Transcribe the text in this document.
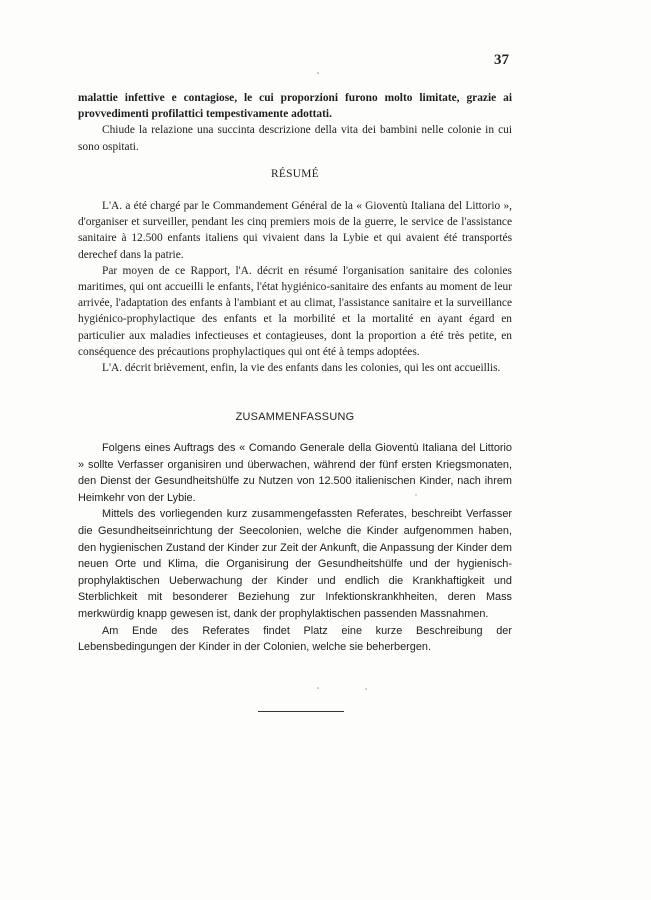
37

malattie infettive e contagiose, le cui proporzioni furono molto limitate, grazie ai

provvedimenti profilattici tempestivamente adottati.

Chiude la relazione una succinta descrizione della vita dei bambini nelle colonie in cui sono ospitati.

RÉSUMÉ

L'A. a été chargé par le Commandement Général de la « Gioventù Italiana del Littorio », d'organiser et surveiller, pendant les cinq premiers mois de la guerre, le service de l'assistance sanitaire à 12.500 enfants italiens qui vivaient dans la Lybie et qui avaient été transportés derechef dans la patrie.

Par moyen de ce Rapport, l'A. décrit en résumé l'organisation sanitaire des colonies maritimes, qui ont accueilli le enfants, l'état hygiénico-sanitaire des enfants au moment de leur arrivée, l'adaptation des enfants à l'ambiant et au climat, l'assistance sanitaire et la surveillance hygiénico-prophylactique des enfants et la morbilité et la mortalité en ayant égard en particulier aux maladies infectieuses et contagieuses, dont la proportion a été très petite, en conséquence des précautions prophylactiques qui ont été à temps adoptées.

L'A. décrit brièvement, enfin, la vie des enfants dans les colonies, qui les ont accueillis.

ZUSAMMENFASSUNG

Folgens eines Auftrags des « Comando Generale della Gioventù Italiana del Littorio » sollte Verfasser organisiren und überwachen, während der fünf ersten Kriegsmonaten, den Dienst der Gesundheitshülfe zu Nutzen von 12.500 italienischen Kinder, nach ihrem Heimkehr von der Lybie.

Mittels des vorliegenden kurz zusammengefassten Referates, beschreibt Verfasser die Gesundheitseinrichtung der Seecolonien, welche die Kinder aufgenommen haben, den hygienischen Zustand der Kinder zur Zeit der Ankunft, die Anpassung der Kinder dem neuen Orte und Klima, die Organisirung der Gesundheitshülfe und der hygienisch-prophylaktischen Ueberwachung der Kinder und endlich die Krankhaftigkeit und Sterblichkeit mit besonderer Beziehung zur Infektionskrankhheiten, deren Mass merkwürdig knapp gewesen ist, dank der prophylaktischen passenden Massnahmen.

Am Ende des Referates findet Platz eine kurze Beschreibung der Lebensbedingungen der Kinder in der Colonien, welche sie beherbergen.
